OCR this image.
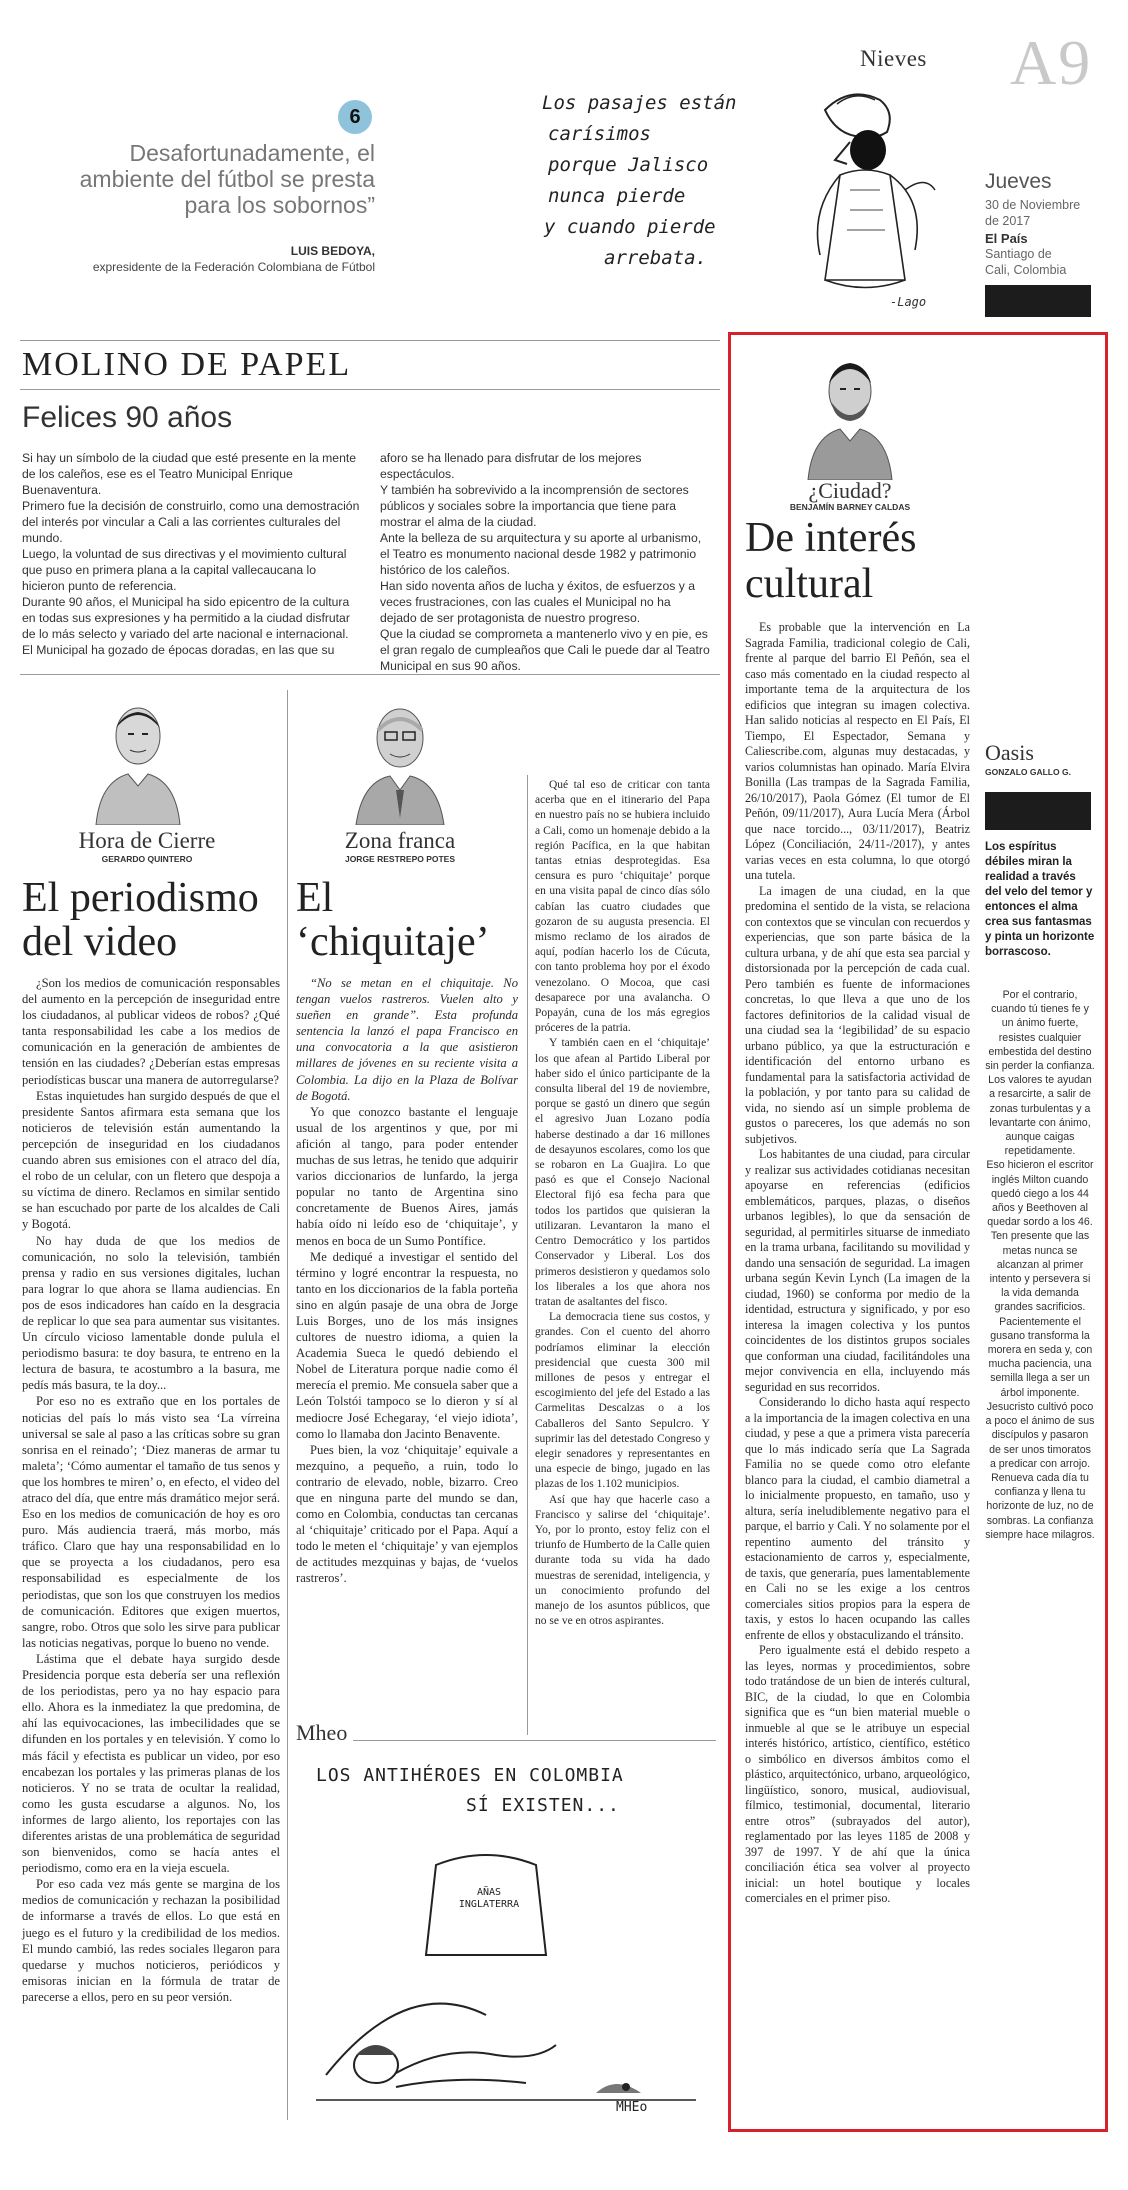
Nieves A9
Jueves
30 de Noviembre de 2017
El País
Santiago de Cali, Colombia
6
Desafortunadamente, el ambiente del fútbol se presta para los sobornos”
LUIS BEDOYA,
expresidente de la Federación Colombiana de Fútbol
Los pasajes están
carísimos
porque Jalisco
nunca pierde
y cuando pierde
arrebata.
-Lago
MOLINO DE PAPEL
Felices 90 años

Si hay un símbolo de la ciudad que esté presente en la mente de los caleños, ese es el Teatro Municipal Enrique Buenaventura.

Primero fue la decisión de construirlo, como una demostración del interés por vincular a Cali a las corrientes culturales del mundo.

Luego, la voluntad de sus directivas y el movimiento cultural que puso en primera plana a la capital vallecaucana lo hicieron punto de referencia.

Durante 90 años, el Municipal ha sido epicentro de la cultura en todas sus expresiones y ha permitido a la ciudad disfrutar de lo más selecto y variado del arte nacional e internacional.

El Municipal ha gozado de épocas doradas, en las que su

aforo se ha llenado para disfrutar de los mejores espectáculos.

Y también ha sobrevivido a la incomprensión de sectores públicos y sociales sobre la importancia que tiene para mostrar el alma de la ciudad.

Ante la belleza de su arquitectura y su aporte al urbanismo, el Teatro es monumento nacional desde 1982 y patrimonio histórico de los caleños.

Han sido noventa años de lucha y éxitos, de esfuerzos y a veces frustraciones, con las cuales el Municipal no ha dejado de ser protagonista de nuestro progreso.

Que la ciudad se comprometa a mantenerlo vivo y en pie, es el gran regalo de cumpleaños que Cali le puede dar al Teatro Municipal en sus 90 años.

Hora de Cierre
GERARDO QUINTERO
El periodismo del video

¿Son los medios de comunicación responsables del aumento en la percepción de inseguridad entre los ciudadanos, al publicar videos de robos? ¿Qué tanta responsabilidad les cabe a los medios de comunicación en la generación de ambientes de tensión en las ciudades? ¿Deberían estas empresas periodísticas buscar una manera de autorregularse?

Estas inquietudes han surgido después de que el presidente Santos afirmara esta semana que los noticieros de televisión están aumentando la percepción de inseguridad en los ciudadanos cuando abren sus emisiones con el atraco del día, el robo de un celular, con un fletero que despoja a su víctima de dinero. Reclamos en similar sentido se han escuchado por parte de los alcaldes de Cali y Bogotá.

No hay duda de que los medios de comunicación, no solo la televisión, también prensa y radio en sus versiones digitales, luchan para lograr lo que ahora se llama audiencias. En pos de esos indicadores han caído en la desgracia de replicar lo que sea para aumentar sus visitantes. Un círculo vicioso lamentable donde pulula el periodismo basura: te doy basura, te entreno en la lectura de basura, te acostumbro a la basura, me pedís más basura, te la doy...

Por eso no es extraño que en los portales de noticias del país lo más visto sea ‘La vírreina universal se sale al paso a las críticas sobre su gran sonrisa en el reinado’; ‘Diez maneras de armar tu maleta’; ‘Cómo aumentar el tamaño de tus senos y que los hombres te miren’ o, en efecto, el video del atraco del día, que entre más dramático mejor será. Eso en los medios de comunicación de hoy es oro puro. Más audiencia traerá, más morbo, más tráfico. Claro que hay una responsabilidad en lo que se proyecta a los ciudadanos, pero esa responsabilidad es especialmente de los periodistas, que son los que construyen los medios de comunicación. Editores que exigen muertos, sangre, robo. Otros que solo les sirve para publicar las noticias negativas, porque lo bueno no vende.

Lástima que el debate haya surgido desde Presidencia porque esta debería ser una reflexión de los periodistas, pero ya no hay espacio para ello. Ahora es la inmediatez la que predomina, de ahí las equivocaciones, las imbecilidades que se difunden en los portales y en televisión. Y como lo más fácil y efectista es publicar un video, por eso encabezan los portales y las primeras planas de los noticieros. Y no se trata de ocultar la realidad, como les gusta escudarse a algunos. No, los informes de largo aliento, los reportajes con las diferentes aristas de una problemática de seguridad son bienvenidos, como se hacía antes el periodismo, como era en la vieja escuela.

Por eso cada vez más gente se margina de los medios de comunicación y rechazan la posibilidad de informarse a través de ellos. Lo que está en juego es el futuro y la credibilidad de los medios. El mundo cambió, las redes sociales llegaron para quedarse y muchos noticieros, periódicos y emisoras inician en la fórmula de tratar de parecerse a ellos, pero en su peor versión.

Zona franca
JORGE RESTREPO POTES
El ‘chiquitaje’

“No se metan en el chiquitaje. No tengan vuelos rastreros. Vuelen alto y sueñen en grande”. Esta profunda sentencia la lanzó el papa Francisco en una convocatoria a la que asistieron millares de jóvenes en su reciente visita a Colombia. La dijo en la Plaza de Bolívar de Bogotá.

Yo que conozco bastante el lenguaje usual de los argentinos y que, por mi afición al tango, para poder entender muchas de sus letras, he tenido que adquirir varios diccionarios de lunfardo, la jerga popular no tanto de Argentina sino concretamente de Buenos Aires, jamás había oído ni leído eso de ‘chiquitaje’, y menos en boca de un Sumo Pontífice.

Me dediqué a investigar el sentido del término y logré encontrar la respuesta, no tanto en los diccionarios de la fabla porteña sino en algún pasaje de una obra de Jorge Luis Borges, uno de los más insignes cultores de nuestro idioma, a quien la Academia Sueca le quedó debiendo el Nobel de Literatura porque nadie como él merecía el premio. Me consuela saber que a León Tolstói tampoco se lo dieron y sí al mediocre José Echegaray, ‘el viejo idiota’, como lo llamaba don Jacinto Benavente.

Pues bien, la voz ‘chiquitaje’ equivale a mezquino, a pequeño, a ruin, todo lo contrario de elevado, noble, bizarro. Creo que en ninguna parte del mundo se dan, como en Colombia, conductas tan cercanas al ‘chiquitaje’ criticado por el Papa. Aquí a todo le meten el ‘chiquitaje’ y van ejemplos de actitudes mezquinas y bajas, de ‘vuelos rastreros’.

Qué tal eso de criticar con tanta acerba que en el itinerario del Papa en nuestro país no se hubiera incluido a Cali, como un homenaje debido a la región Pacífica, en la que habitan tantas etnias desprotegidas. Esa censura es puro ‘chiquitaje’ porque en una visita papal de cinco días sólo cabían las cuatro ciudades que gozaron de su augusta presencia. El mismo reclamo de los airados de aquí, podían hacerlo los de Cúcuta, con tanto problema hoy por el éxodo venezolano. O Mocoa, que casi desaparece por una avalancha. O Popayán, cuna de los más egregios próceres de la patria.

Y también caen en el ‘chiquitaje’ los que afean al Partido Liberal por haber sido el único participante de la consulta liberal del 19 de noviembre, porque se gastó un dinero que según el agresivo Juan Lozano podía haberse destinado a dar 16 millones de desayunos escolares, como los que se robaron en La Guajira. Lo que pasó es que el Consejo Nacional Electoral fijó esa fecha para que todos los partidos que quisieran la utilizaran. Levantaron la mano el Centro Democrático y los partidos Conservador y Liberal. Los dos primeros desistieron y quedamos solo los liberales a los que ahora nos tratan de asaltantes del fisco.

La democracia tiene sus costos, y grandes. Con el cuento del ahorro podríamos eliminar la elección presidencial que cuesta 300 mil millones de pesos y entregar el escogimiento del jefe del Estado a las Carmelitas Descalzas o a los Caballeros del Santo Sepulcro. Y suprimir las del detestado Congreso y elegir senadores y representantes en una especie de bingo, jugado en las plazas de los 1.102 municipios.

Así que hay que hacerle caso a Francisco y salirse del ‘chiquitaje’. Yo, por lo pronto, estoy feliz con el triunfo de Humberto de la Calle quien durante toda su vida ha dado muestras de serenidad, inteligencia, y un conocimiento profundo del manejo de los asuntos públicos, que no se ve en otros aspirantes.

Mheo
LOS ANTIHÉROES EN COLOMBIA
SÍ EXISTEN...
AÑAS
INGLATERRA
MHEo
¿Ciudad?
BENJAMÍN BARNEY CALDAS
De interés
cultural

Es probable que la intervención en La Sagrada Familia, tradicional colegio de Cali, frente al parque del barrio El Peñón, sea el caso más comentado en la ciudad respecto al importante tema de la arquitectura de los edificios que integran su imagen colectiva. Han salido noticias al respecto en El País, El Tiempo, El Espectador, Semana y Caliescribe.com, algunas muy destacadas, y varios columnistas han opinado. María Elvira Bonilla (Las trampas de la Sagrada Familia, 26/10/2017), Paola Gómez (El tumor de El Peñón, 09/11/2017), Aura Lucía Mera (Árbol que nace torcido..., 03/11/2017), Beatriz López (Conciliación, 24/11-/2017), y antes varias veces en esta columna, lo que otorgó una tutela.

La imagen de una ciudad, en la que predomina el sentido de la vista, se relaciona con contextos que se vinculan con recuerdos y experiencias, que son parte básica de la cultura urbana, y de ahí que esta sea parcial y distorsionada por la percepción de cada cual. Pero también es fuente de informaciones concretas, lo que lleva a que uno de los factores definitorios de la calidad visual de una ciudad sea la ‘legibilidad’ de su espacio urbano público, ya que la estructuración e identificación del entorno urbano es fundamental para la satisfactoria actividad de la población, y por tanto para su calidad de vida, no siendo así un simple problema de gustos o pareceres, los que además no son subjetivos.

Los habitantes de una ciudad, para circular y realizar sus actividades cotidianas necesitan apoyarse en referencias (edificios emblemáticos, parques, plazas, o diseños urbanos legibles), lo que da sensación de seguridad, al permitirles situarse de inmediato en la trama urbana, facilitando su movilidad y dando una sensación de seguridad. La imagen urbana según Kevin Lynch (La imagen de la ciudad, 1960) se conforma por medio de la identidad, estructura y significado, y por eso interesa la imagen colectiva y los puntos coincidentes de los distintos grupos sociales que conforman una ciudad, facilitándoles una mejor convivencia en ella, incluyendo más seguridad en sus recorridos.

Considerando lo dicho hasta aquí respecto a la importancia de la imagen colectiva en una ciudad, y pese a que a primera vista parecería que lo más indicado sería que La Sagrada Familia no se quede como otro elefante blanco para la ciudad, el cambio diametral a lo inicialmente propuesto, en tamaño, uso y altura, sería ineludiblemente negativo para el parque, el barrio y Cali. Y no solamente por el repentino aumento del tránsito y estacionamiento de carros y, especialmente, de taxis, que generaría, pues lamentablemente en Cali no se les exige a los centros comerciales sitios propios para la espera de taxis, y estos lo hacen ocupando las calles enfrente de ellos y obstaculizando el tránsito.

Pero igualmente está el debido respeto a las leyes, normas y procedimientos, sobre todo tratándose de un bien de interés cultural, BIC, de la ciudad, lo que en Colombia significa que es “un bien material mueble o inmueble al que se le atribuye un especial interés histórico, artístico, científico, estético o simbólico en diversos ámbitos como el plástico, arquitectónico, urbano, arqueológico, lingüístico, sonoro, musical, audiovisual, fílmico, testimonial, documental, literario entre otros” (subrayados del autor), reglamentado por las leyes 1185 de 2008 y 397 de 1997. Y de ahí que la única conciliación ética sea volver al proyecto inicial: un hotel boutique y locales comerciales en el primer piso.

Oasis
GONZALO GALLO G.
Los espíritus débiles miran la realidad a través del velo del temor y entonces el alma crea sus fantasmas y pinta un horizonte borrascoso.

Por el contrario, cuando tú tienes fe y un ánimo fuerte, resistes cualquier embestida del destino sin perder la confianza.

Los valores te ayudan a resarcirte, a salir de zonas turbulentas y a levantarte con ánimo, aunque caigas repetidamente.

Eso hicieron el escritor inglés Milton cuando quedó ciego a los 44 años y Beethoven al quedar sordo a los 46.

Ten presente que las metas nunca se alcanzan al primer intento y persevera si la vida demanda grandes sacrificios.

Pacientemente el gusano transforma la morera en seda y, con mucha paciencia, una semilla llega a ser un árbol imponente.

Jesucristo cultivó poco a poco el ánimo de sus discípulos y pasaron de ser unos timoratos a predicar con arrojo.

Renueva cada día tu confianza y llena tu horizonte de luz, no de sombras. La confianza siempre hace milagros.
